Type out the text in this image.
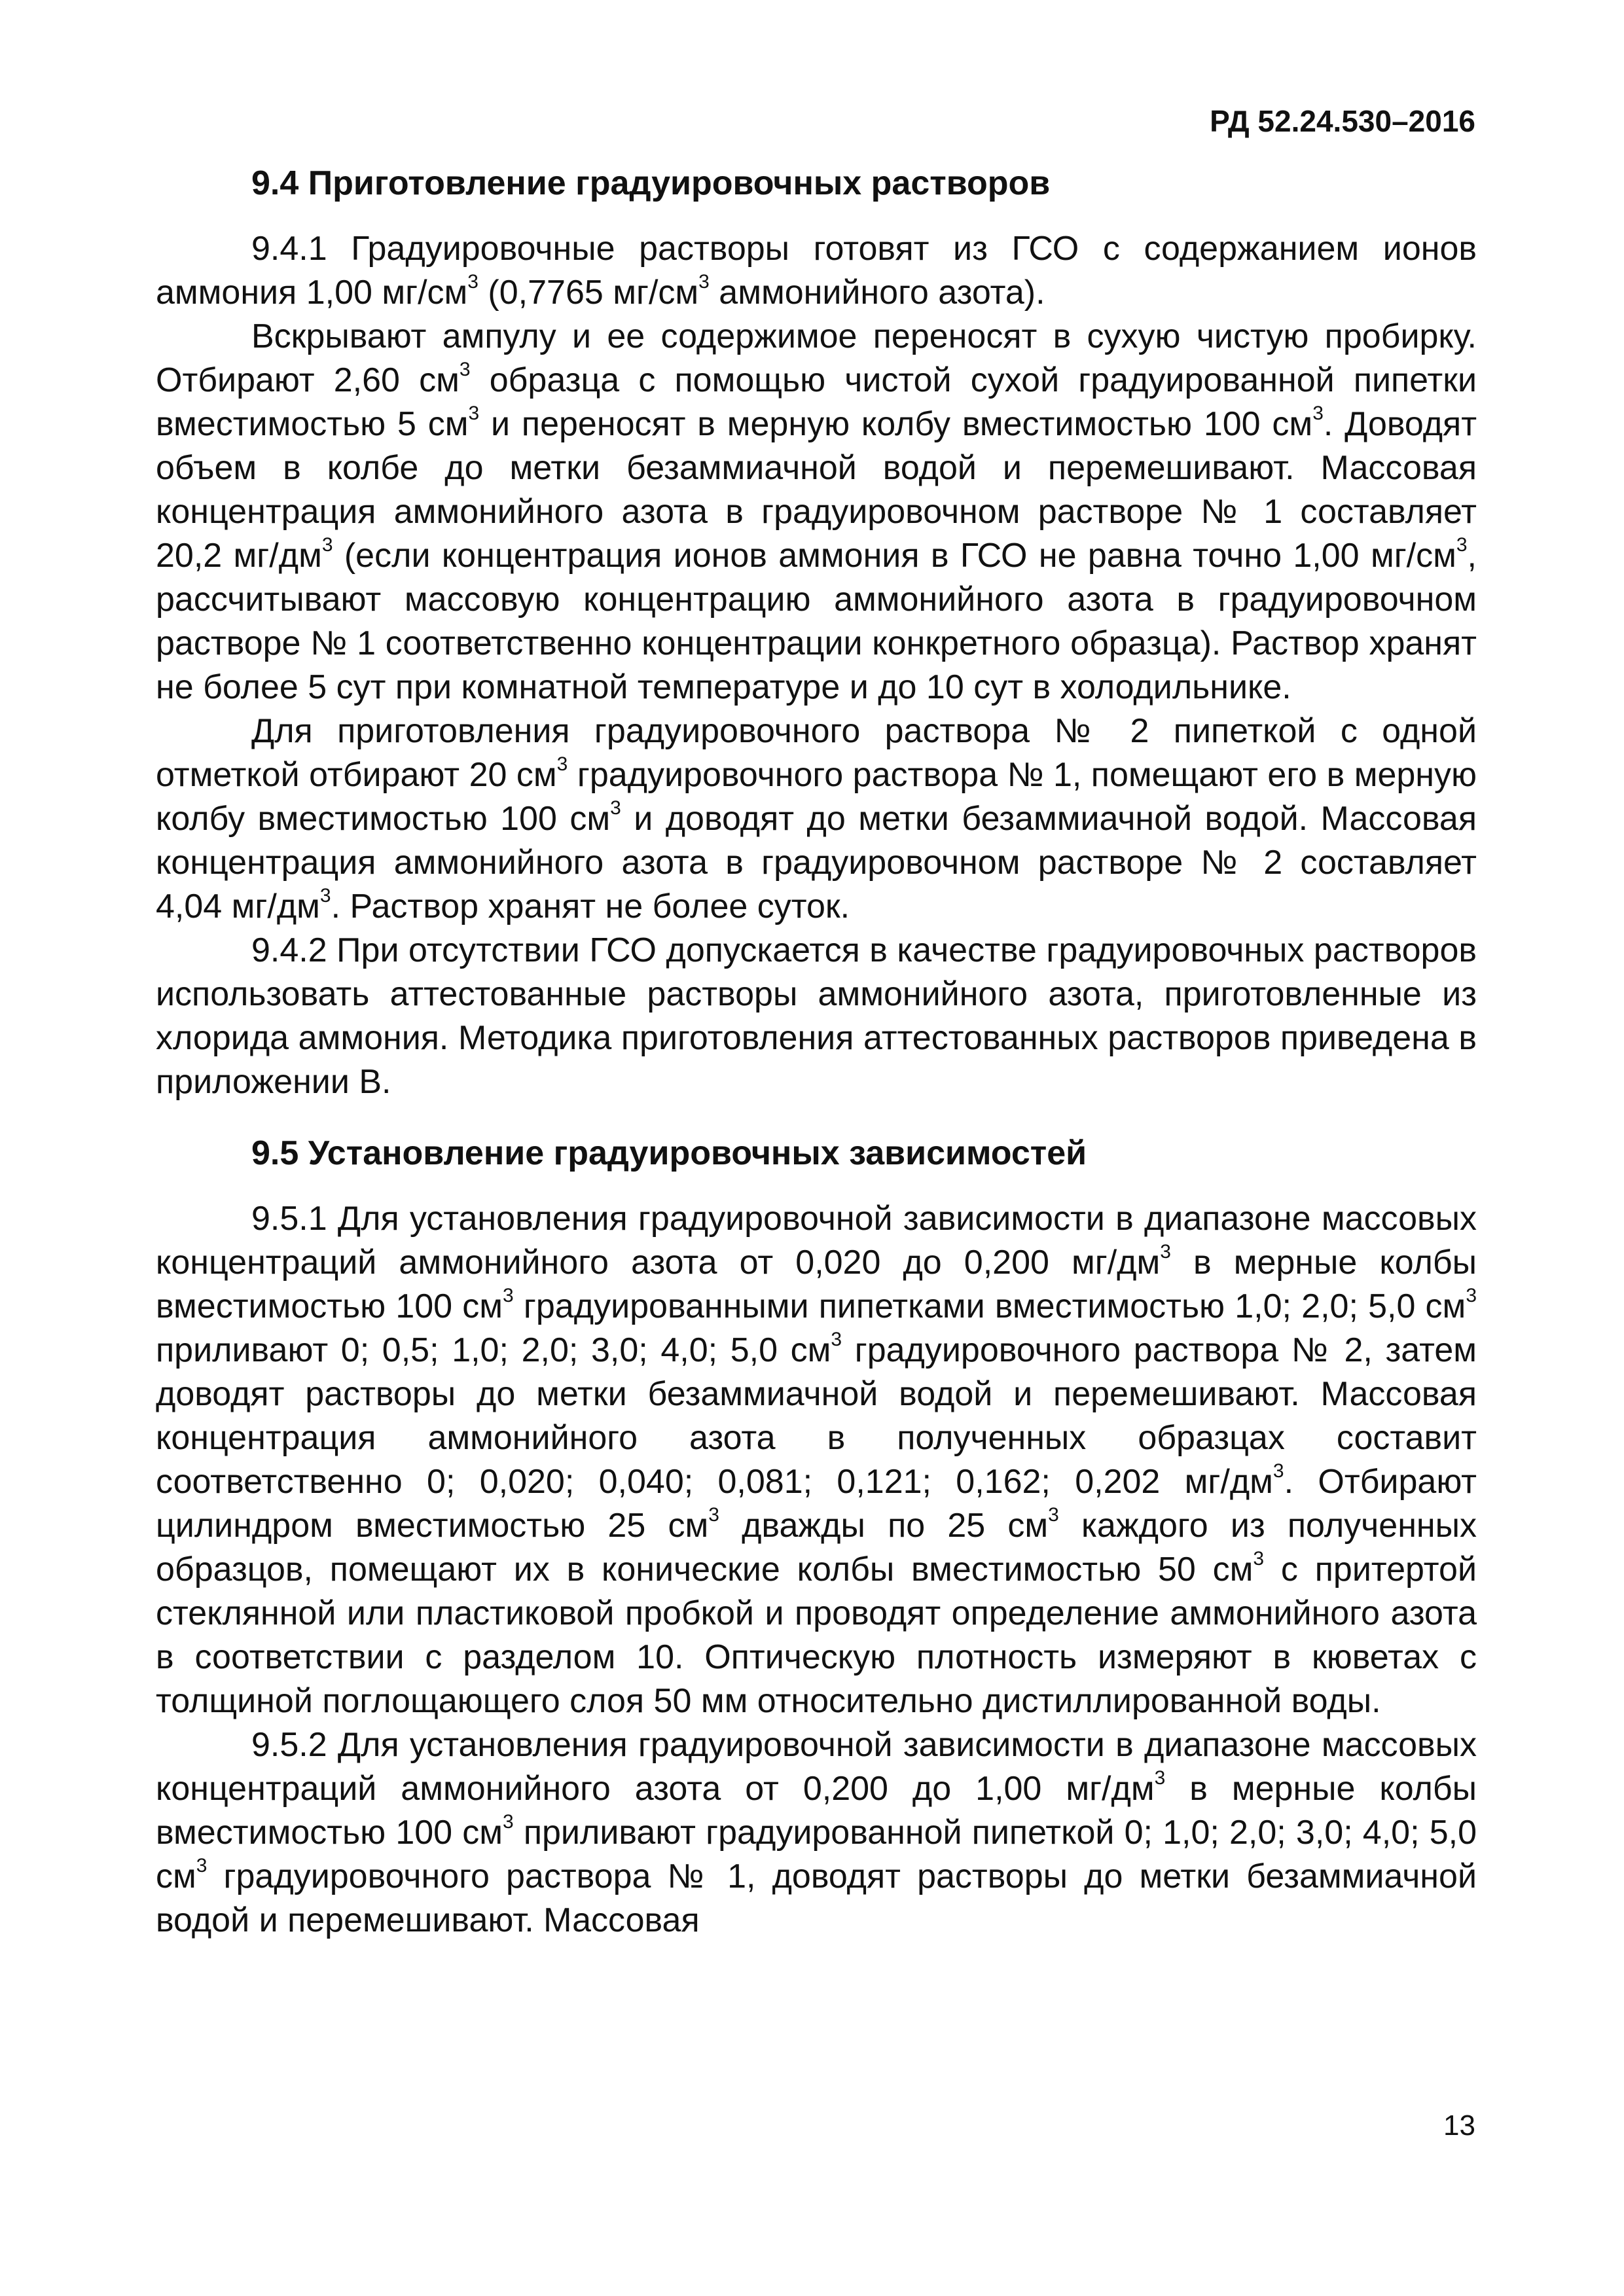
РД 52.24.530–2016
9.4 Приготовление градуировочных растворов

9.4.1 Градуировочные растворы готовят из ГСО с содержанием ионов аммония 1,00 $мг/см^3$ (0,7765 $мг/см^3$ аммонийного азота).

Вскрывают ампулу и ее содержимое переносят в сухую чистую пробирку. Отбирают 2,60 $см^3$ образца с помощью чистой сухой градуированной пипетки вместимостью 5 $см^3$ и переносят в мерную колбу вместимостью 100 $см^3$. Доводят объем в колбе до метки безаммиачной водой и перемешивают. Массовая концентрация аммонийного азота в градуировочном растворе № 1 составляет 20,2 $мг/дм^3$ (если концентрация ионов аммония в ГСО не равна точно 1,00 $мг/см^3$, рассчитывают массовую концентрацию аммонийного азота в градуировочном растворе № 1 соответственно концентрации конкретного образца). Раствор хранят не более 5 сут при комнатной температуре и до 10 сут в холодильнике.

Для приготовления градуировочного раствора № 2 пипеткой с одной отметкой отбирают 20 $см^3$ градуировочного раствора № 1, помещают его в мерную колбу вместимостью 100 $см^3$ и доводят до метки безаммиачной водой. Массовая концентрация аммонийного азота в градуировочном растворе № 2 составляет 4,04 $мг/дм^3$. Раствор хранят не более суток.

9.4.2 При отсутствии ГСО допускается в качестве градуировочных растворов использовать аттестованные растворы аммонийного азота, приготовленные из хлорида аммония. Методика приготовления аттестованных растворов приведена в приложении В.

9.5 Установление градуировочных зависимостей

9.5.1 Для установления градуировочной зависимости в диапазоне массовых концентраций аммонийного азота от 0,020 до 0,200 $мг/дм^3$ в мерные колбы вместимостью 100 $см^3$ градуированными пипетками вместимостью 1,0; 2,0; 5,0 $см^3$ приливают 0; 0,5; 1,0; 2,0; 3,0; 4,0; 5,0 $см^3$ градуировочного раствора № 2, затем доводят растворы до метки безаммиачной водой и перемешивают. Массовая концентрация аммонийного азота в полученных образцах составит соответственно 0; 0,020; 0,040; 0,081; 0,121; 0,162; 0,202 $мг/дм^3$. Отбирают цилиндром вместимостью 25 $см^3$ дважды по 25 $см^3$ каждого из полученных образцов, помещают их в конические колбы вместимостью 50 $см^3$ с притертой стеклянной или пластиковой пробкой и проводят определение аммонийного азота в соответствии с разделом 10. Оптическую плотность измеряют в кюветах с толщиной поглощающего слоя 50 мм относительно дистиллированной воды.

9.5.2 Для установления градуировочной зависимости в диапазоне массовых концентраций аммонийного азота от 0,200 до 1,00 $мг/дм^3$ в мерные колбы вместимостью 100 $см^3$ приливают градуированной пипеткой 0; 1,0; 2,0; 3,0; 4,0; 5,0 $см^3$ градуировочного раствора № 1, доводят растворы до метки безаммиачной водой и перемешивают. Массовая

13
